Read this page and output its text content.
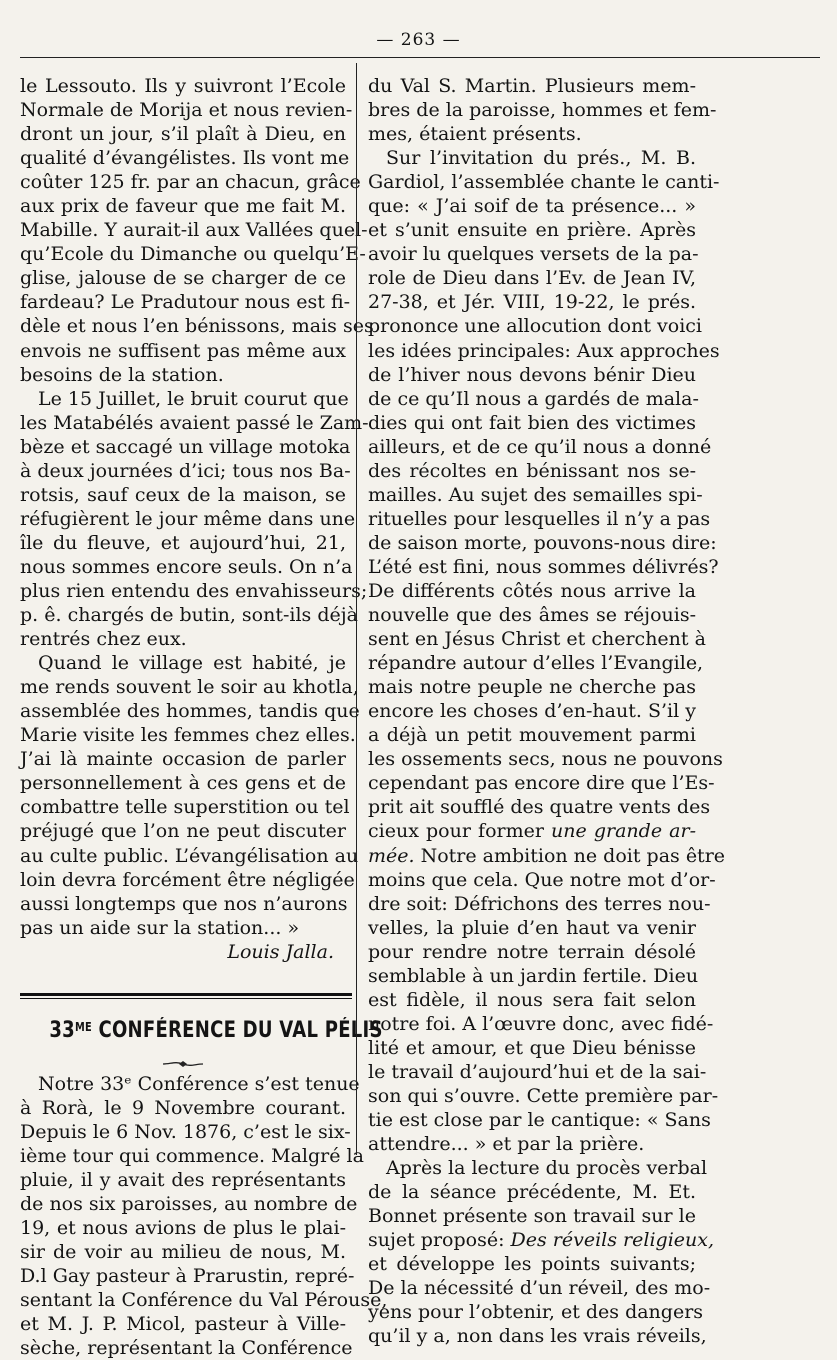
— 263 —
le Lessouto. Ils y suivront l’Ecole
Normale de Morija et nous revien-
dront un jour, s’il plaît à Dieu, en
qualité d’évangélistes. Ils vont me
coûter 125 fr. par an chacun, grâce
aux prix de faveur que me fait M.
Mabille. Y aurait-il aux Vallées quel-
qu’Ecole du Dimanche ou quelqu’E-
glise, jalouse de se charger de ce
fardeau? Le Pradutour nous est fi-
dèle et nous l’en bénissons, mais ses
envois ne suffisent pas même aux
besoins de la station.
Le 15 Juillet, le bruit courut que
les Matabélés avaient passé le Zam-
bèze et saccagé un village motoka
à deux journées d’ici; tous nos Ba-
rotsis, sauf ceux de la maison, se
réfugièrent le jour même dans une
île du fleuve, et aujourd’hui, 21,
nous sommes encore seuls. On n’a
plus rien entendu des envahisseurs;
p. ê. chargés de butin, sont-ils déjà
rentrés chez eux.
Quand le village est habité, je
me rends souvent le soir au khotla,
assemblée des hommes, tandis que
Marie visite les femmes chez elles.
J’ai là mainte occasion de parler
personnellement à ces gens et de
combattre telle superstition ou tel
préjugé que l’on ne peut discuter
au culte public. L’évangélisation au
loin devra forcément être négligée
aussi longtemps que nos n’aurons
pas un aide sur la station... »
Louis Jalla.
$33^{ME}$ CONFÉRENCE DU VAL PÉLIS
Notre 33ᵉ Conférence s’est tenue
à Rorà, le 9 Novembre courant.
Depuis le 6 Nov. 1876, c’est le six-
ième tour qui commence. Malgré la
pluie, il y avait des représentants
de nos six paroisses, au nombre de
19, et nous avions de plus le plai-
sir de voir au milieu de nous, M.
D.l Gay pasteur à Prarustin, repré-
sentant la Conférence du Val Pérouse,
et M. J. P. Micol, pasteur à Ville-
sèche, représentant la Conférence
du Val S. Martin. Plusieurs mem-
bres de la paroisse, hommes et fem-
mes, étaient présents.
Sur l’invitation du prés., M. B.
Gardiol, l’assemblée chante le canti-
que: « J’ai soif de ta présence... »
et s’unit ensuite en prière. Après
avoir lu quelques versets de la pa-
role de Dieu dans l’Ev. de Jean IV,
27-38, et Jér. VIII, 19-22, le prés.
prononce une allocution dont voici
les idées principales: Aux approches
de l’hiver nous devons bénir Dieu
de ce qu’Il nous a gardés de mala-
dies qui ont fait bien des victimes
ailleurs, et de ce qu’il nous a donné
des récoltes en bénissant nos se-
mailles. Au sujet des semailles spi-
rituelles pour lesquelles il n’y a pas
de saison morte, pouvons-nous dire:
L’été est fini, nous sommes délivrés?
De différents côtés nous arrive la
nouvelle que des âmes se réjouis-
sent en Jésus Christ et cherchent à
répandre autour d’elles l’Evangile,
mais notre peuple ne cherche pas
encore les choses d’en-haut. S’il y
a déjà un petit mouvement parmi
les ossements secs, nous ne pouvons
cependant pas encore dire que l’Es-
prit ait soufflé des quatre vents des
cieux pour former une grande ar-
mée. Notre ambition ne doit pas être
moins que cela. Que notre mot d’or-
dre soit: Défrichons des terres nou-
velles, la pluie d’en haut va venir
pour rendre notre terrain désolé
semblable à un jardin fertile. Dieu
est fidèle, il nous sera fait selon
notre foi. A l’œuvre donc, avec fidé-
lité et amour, et que Dieu bénisse
le travail d’aujourd’hui et de la sai-
son qui s’ouvre. Cette première par-
tie est close par le cantique: « Sans
attendre... » et par la prière.
Après la lecture du procès verbal
de la séance précédente, M. Et.
Bonnet présente son travail sur le
sujet proposé: Des réveils religieux,
et développe les points suivants;
De la nécessité d’un réveil, des mo-
yens pour l’obtenir, et des dangers
qu’il y a, non dans les vrais réveils,
